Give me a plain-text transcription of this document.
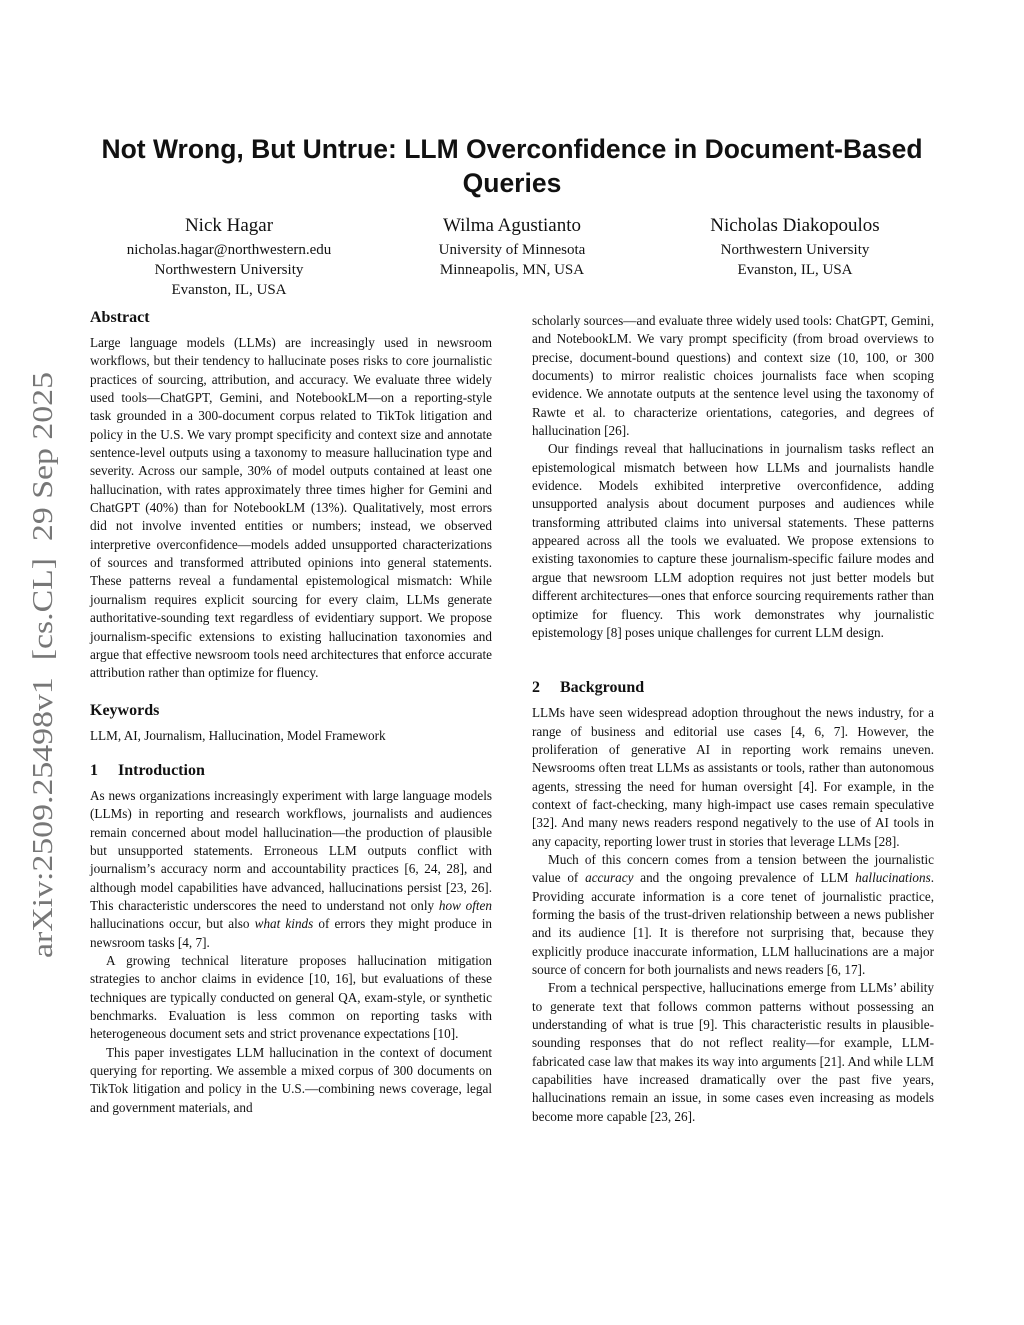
arXiv:2509.25498v1  [cs.CL]  29 Sep 2025
Not Wrong, But Untrue: LLM Overconfidence in Document-Based Queries
Nick Hagar
nicholas.hagar@northwestern.edu
Northwestern University
Evanston, IL, USA
Wilma Agustianto
University of Minnesota
Minneapolis, MN, USA
Nicholas Diakopoulos
Northwestern University
Evanston, IL, USA
Abstract

Large language models (LLMs) are increasingly used in newsroom workflows, but their tendency to hallucinate poses risks to core journalistic practices of sourcing, attribution, and accuracy. We evaluate three widely used tools—ChatGPT, Gemini, and NotebookLM—on a reporting-style task grounded in a 300-document corpus related to TikTok litigation and policy in the U.S. We vary prompt specificity and context size and annotate sentence-level outputs using a taxonomy to measure hallucination type and severity. Across our sample, 30% of model outputs contained at least one hallucination, with rates approximately three times higher for Gemini and ChatGPT (40%) than for NotebookLM (13%). Qualitatively, most errors did not involve invented entities or numbers; instead, we observed interpretive overconfidence—models added unsupported characterizations of sources and transformed attributed opinions into general statements. These patterns reveal a fundamental epistemological mismatch: While journalism requires explicit sourcing for every claim, LLMs generate authoritative-sounding text regardless of evidentiary support. We propose journalism-specific extensions to existing hallucination taxonomies and argue that effective newsroom tools need architectures that enforce accurate attribution rather than optimize for fluency.

Keywords

LLM, AI, Journalism, Hallucination, Model Framework

1 Introduction

As news organizations increasingly experiment with large language models (LLMs) in reporting and research workflows, journalists and audiences remain concerned about model hallucination—the production of plausible but unsupported statements. Erroneous LLM outputs conflict with journalism’s accuracy norm and accountability practices [6, 24, 28], and although model capabilities have advanced, hallucinations persist [23, 26]. This characteristic underscores the need to understand not only how often hallucinations occur, but also what kinds of errors they might produce in newsroom tasks [4, 7].

A growing technical literature proposes hallucination mitigation strategies to anchor claims in evidence [10, 16], but evaluations of these techniques are typically conducted on general QA, exam-style, or synthetic benchmarks. Evaluation is less common on reporting tasks with heterogeneous document sets and strict provenance expectations [10].

This paper investigates LLM hallucination in the context of document querying for reporting. We assemble a mixed corpus of 300 documents on TikTok litigation and policy in the U.S.—combining news coverage, legal and government materials, and

scholarly sources—and evaluate three widely used tools: ChatGPT, Gemini, and NotebookLM. We vary prompt specificity (from broad overviews to precise, document-bound questions) and context size (10, 100, or 300 documents) to mirror realistic choices journalists face when scoping evidence. We annotate outputs at the sentence level using the taxonomy of Rawte et al. to characterize orientations, categories, and degrees of hallucination [26].

Our findings reveal that hallucinations in journalism tasks reflect an epistemological mismatch between how LLMs and journalists handle evidence. Models exhibited interpretive overconfidence, adding unsupported analysis about document purposes and audiences while transforming attributed claims into universal statements. These patterns appeared across all the tools we evaluated. We propose extensions to existing taxonomies to capture these journalism-specific failure modes and argue that newsroom LLM adoption requires not just better models but different architectures—ones that enforce sourcing requirements rather than optimize for fluency. This work demonstrates why journalistic epistemology [8] poses unique challenges for current LLM design.

2 Background

LLMs have seen widespread adoption throughout the news industry, for a range of business and editorial use cases [4, 6, 7]. However, the proliferation of generative AI in reporting work remains uneven. Newsrooms often treat LLMs as assistants or tools, rather than autonomous agents, stressing the need for human oversight [4]. For example, in the context of fact-checking, many high-impact use cases remain speculative [32]. And many news readers respond negatively to the use of AI tools in any capacity, reporting lower trust in stories that leverage LLMs [28].

Much of this concern comes from a tension between the journalistic value of accuracy and the ongoing prevalence of LLM hallucinations. Providing accurate information is a core tenet of journalistic practice, forming the basis of the trust-driven relationship between a news publisher and its audience [1]. It is therefore not surprising that, because they explicitly produce inaccurate information, LLM hallucinations are a major source of concern for both journalists and news readers [6, 17].

From a technical perspective, hallucinations emerge from LLMs’ ability to generate text that follows common patterns without possessing an understanding of what is true [9]. This characteristic results in plausible-sounding responses that do not reflect reality—for example, LLM-fabricated case law that makes its way into arguments [21]. And while LLM capabilities have increased dramatically over the past five years, hallucinations remain an issue, in some cases even increasing as models become more capable [23, 26].
